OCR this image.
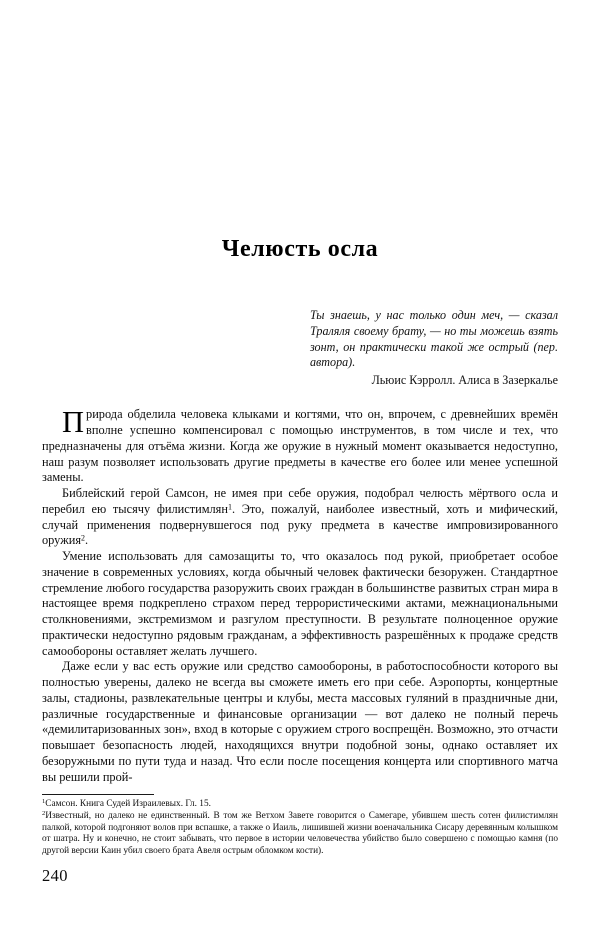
Челюсть осла
Ты знаешь, у нас только один меч, — сказал Траляля своему брату, — но ты можешь взять зонт, он практически такой же острый (пер. автора).
Льюис Кэрролл. Алиса в Зазеркалье

Природа обделила человека клыками и когтями, что он, впрочем, с древнейших времён вполне успешно компенсировал с помощью инструментов, в том числе и тех, что предназначены для отъёма жизни. Когда же оружие в нужный момент оказывается недоступно, наш разум позволяет использовать другие предметы в качестве его более или менее успешной замены.

Библейский герой Самсон, не имея при себе оружия, подобрал челюсть мёртвого осла и перебил ею тысячу филистимлян$^1$. Это, пожалуй, наиболее известный, хоть и мифический, случай применения подвернувшегося под руку предмета в качестве импровизированного оружия$^2$.

Умение использовать для самозащиты то, что оказалось под рукой, приобретает особое значение в современных условиях, когда обычный человек фактически безоружен. Стандартное стремление любого государства разоружить своих граждан в большинстве развитых стран мира в настоящее время подкреплено страхом перед террористическими актами, межнациональными столкновениями, экстремизмом и разгулом преступности. В результате полноценное оружие практически недоступно рядовым гражданам, а эффективность разрешённых к продаже средств самообороны оставляет желать лучшего.

Даже если у вас есть оружие или средство самообороны, в работоспособности которого вы полностью уверены, далеко не всегда вы сможете иметь его при себе. Аэропорты, концертные залы, стадионы, развлекательные центры и клубы, места массовых гуляний в праздничные дни, различные государственные и финансовые организации — вот далеко не полный перечь «демилитаризованных зон», вход в которые с оружием строго воспрещён. Возможно, это отчасти повышает безопасность людей, находящихся внутри подобной зоны, однако оставляет их безоружными по пути туда и назад. Что если после посещения концерта или спортивного матча вы решили прой-

$^1$Самсон. Книга Судей Израилевых. Гл. 15.

$^2$Известный, но далеко не единственный. В том же Ветхом Завете говорится о Самегаре, убившем шесть сотен филистимлян палкой, которой подгоняют волов при вспашке, а также о Иаиль, лишившей жизни военачальника Сисару деревянным колышком от шатра. Ну и конечно, не стоит забывать, что первое в истории человечества убийство было совершено с помощью камня (по другой версии Каин убил своего брата Авеля острым обломком кости).

240
